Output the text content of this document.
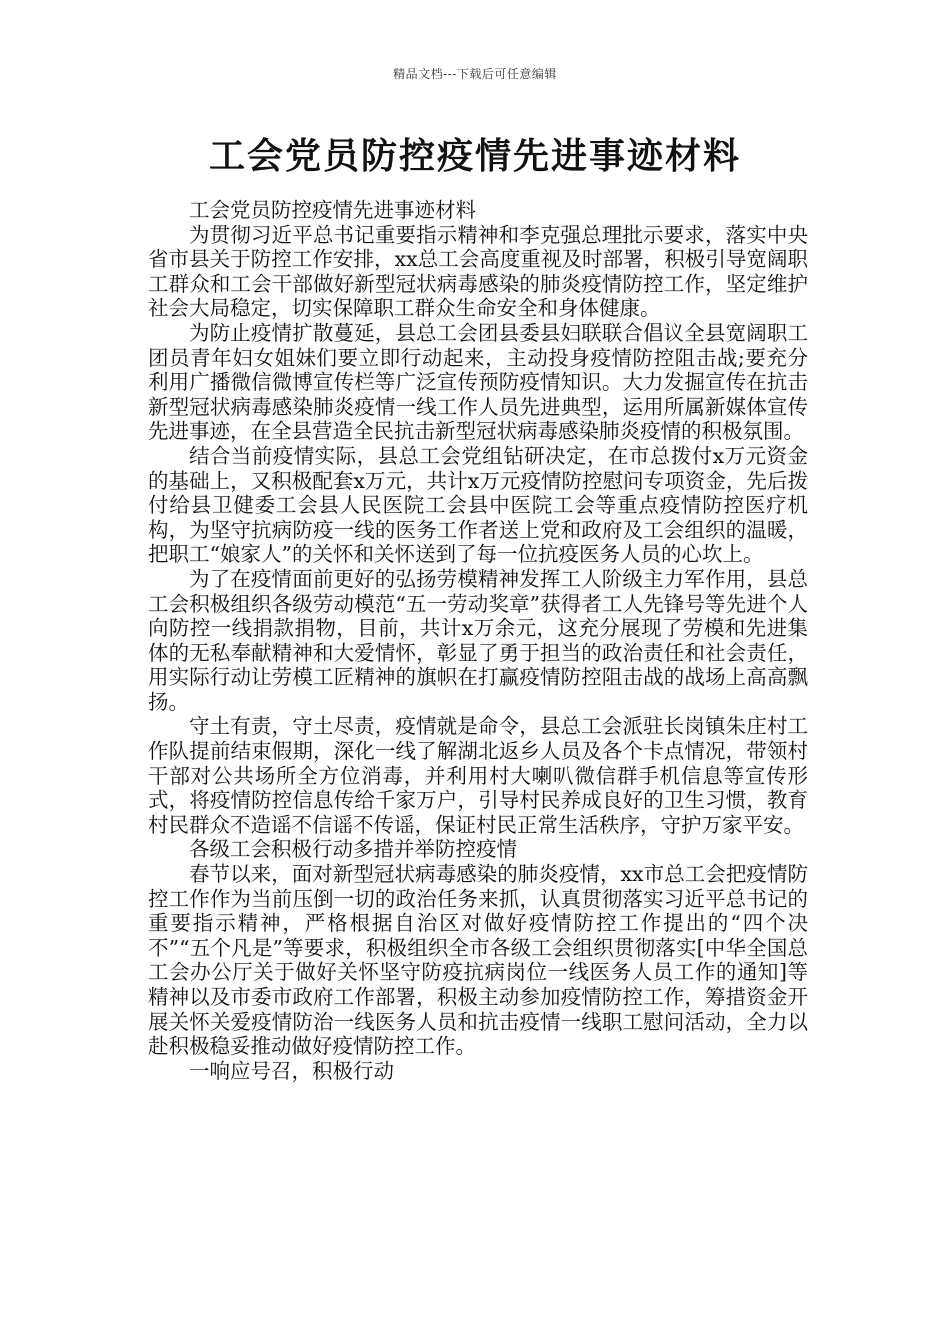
精品文档---下载后可任意编辑
工会党员防控疫情先进事迹材料

工会党员防控疫情先进事迹材料

为贯彻习近平总书记重要指示精神和李克强总理批示要求，落实中央省市县关于防控工作安排，xx总工会高度重视及时部署，积极引导宽阔职工群众和工会干部做好新型冠状病毒感染的肺炎疫情防控工作，坚定维护社会大局稳定，切实保障职工群众生命安全和身体健康。

为防止疫情扩散蔓延，县总工会团县委县妇联联合倡议全县宽阔职工团员青年妇女姐妹们要立即行动起来，主动投身疫情防控阻击战;要充分利用广播微信微博宣传栏等广泛宣传预防疫情知识。大力发掘宣传在抗击新型冠状病毒感染肺炎疫情一线工作人员先进典型，运用所属新媒体宣传先进事迹，在全县营造全民抗击新型冠状病毒感染肺炎疫情的积极氛围。

结合当前疫情实际，县总工会党组钻研决定，在市总拨付x万元资金的基础上，又积极配套x万元，共计x万元疫情防控慰问专项资金，先后拨付给县卫健委工会县人民医院工会县中医院工会等重点疫情防控医疗机构，为坚守抗病防疫一线的医务工作者送上党和政府及工会组织的温暖，把职工“娘家人”的关怀和关怀送到了每一位抗疫医务人员的心坎上。

为了在疫情面前更好的弘扬劳模精神发挥工人阶级主力军作用，县总工会积极组织各级劳动模范“五一劳动奖章”获得者工人先锋号等先进个人向防控一线捐款捐物，目前，共计x万余元，这充分展现了劳模和先进集体的无私奉献精神和大爱情怀，彰显了勇于担当的政治责任和社会责任，用实际行动让劳模工匠精神的旗帜在打赢疫情防控阻击战的战场上高高飘扬。

守土有责，守土尽责，疫情就是命令，县总工会派驻长岗镇朱庄村工作队提前结束假期，深化一线了解湖北返乡人员及各个卡点情况，带领村干部对公共场所全方位消毒，并利用村大喇叭微信群手机信息等宣传形式，将疫情防控信息传给千家万户，引导村民养成良好的卫生习惯，教育村民群众不造谣不信谣不传谣，保证村民正常生活秩序，守护万家平安。

各级工会积极行动多措并举防控疫情

春节以来，面对新型冠状病毒感染的肺炎疫情，xx市总工会把疫情防控工作作为当前压倒一切的政治任务来抓，认真贯彻落实习近平总书记的重要指示精神，严格根据自治区对做好疫情防控工作提出的“四个决不”“五个凡是”等要求，积极组织全市各级工会组织贯彻落实[中华全国总工会办公厅关于做好关怀坚守防疫抗病岗位一线医务人员工作的通知]等精神以及市委市政府工作部署，积极主动参加疫情防控工作，筹措资金开展关怀关爱疫情防治一线医务人员和抗击疫情一线职工慰问活动，全力以赴积极稳妥推动做好疫情防控工作。

一响应号召，积极行动
